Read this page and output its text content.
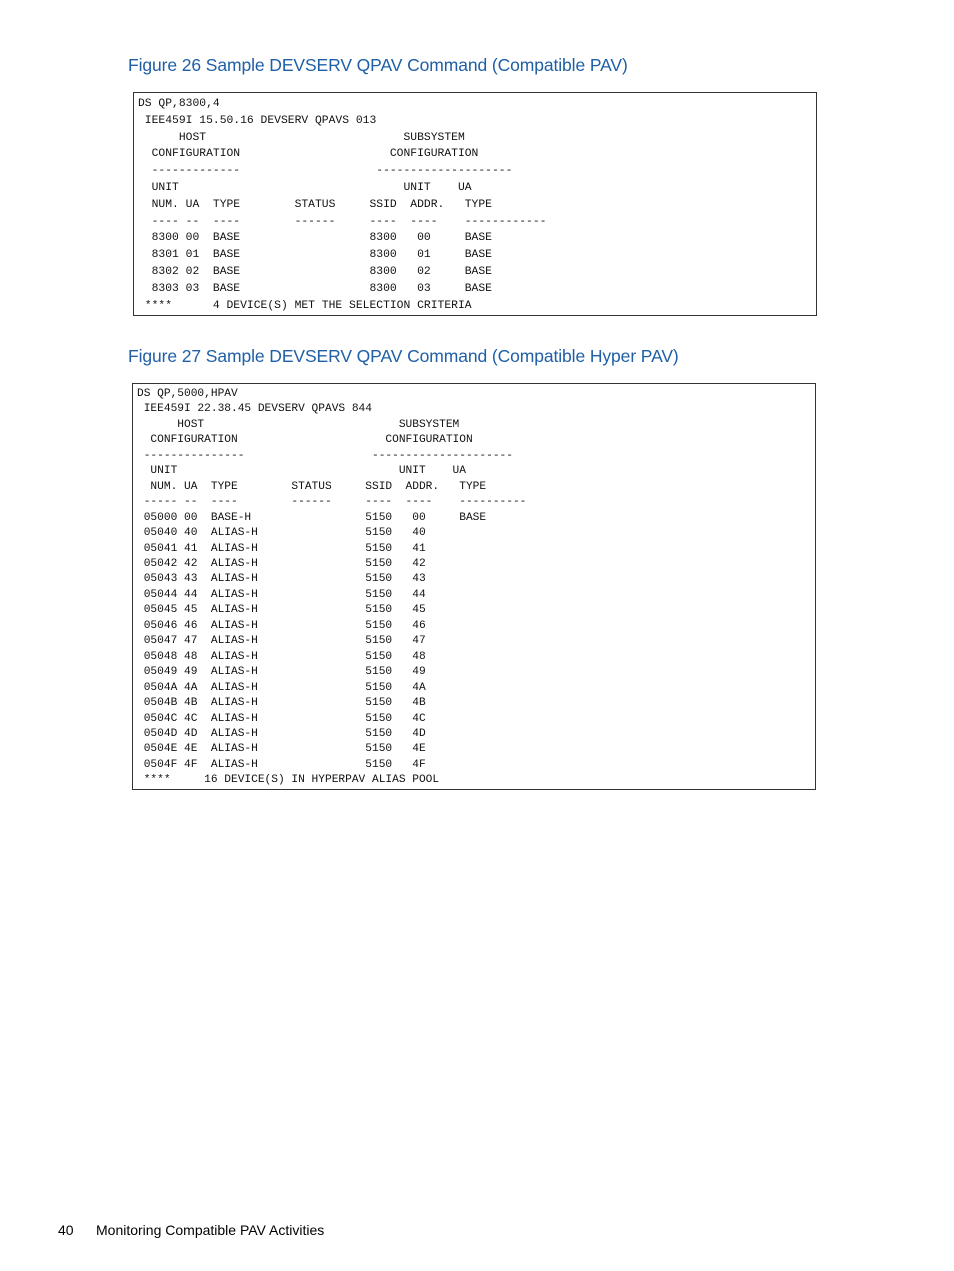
Figure 26 Sample DEVSERV QPAV Command (Compatible PAV)
DS QP,8300,4
IEE459I 15.50.16 DEVSERV QPAVS 013
HOST                             SUBSYSTEM
CONFIGURATION                      CONFIGURATION
-------------                    --------------------
UNIT                                 UNIT    UA
NUM. UA  TYPE        STATUS     SSID  ADDR.   TYPE
---- --  ----        ------     ----  ----    ------------
8300 00  BASE                   8300   00     BASE
8301 01  BASE                   8300   01     BASE
8302 02  BASE                   8300   02     BASE
8303 03  BASE                   8300   03     BASE
****      4 DEVICE(S) MET THE SELECTION CRITERIA
Figure 27 Sample DEVSERV QPAV Command (Compatible Hyper PAV)
DS QP,5000,HPAV
IEE459I 22.38.45 DEVSERV QPAVS 844
HOST                             SUBSYSTEM
CONFIGURATION                      CONFIGURATION
---------------                   ---------------------
UNIT                                 UNIT    UA
NUM. UA  TYPE        STATUS     SSID  ADDR.   TYPE
----- --  ----        ------     ----  ----    ----------
05000 00  BASE-H                 5150   00     BASE
05040 40  ALIAS-H                5150   40
05041 41  ALIAS-H                5150   41
05042 42  ALIAS-H                5150   42
05043 43  ALIAS-H                5150   43
05044 44  ALIAS-H                5150   44
05045 45  ALIAS-H                5150   45
05046 46  ALIAS-H                5150   46
05047 47  ALIAS-H                5150   47
05048 48  ALIAS-H                5150   48
05049 49  ALIAS-H                5150   49
0504A 4A  ALIAS-H                5150   4A
0504B 4B  ALIAS-H                5150   4B
0504C 4C  ALIAS-H                5150   4C
0504D 4D  ALIAS-H                5150   4D
0504E 4E  ALIAS-H                5150   4E
0504F 4F  ALIAS-H                5150   4F
****     16 DEVICE(S) IN HYPERPAV ALIAS POOL
40 Monitoring Compatible PAV Activities
